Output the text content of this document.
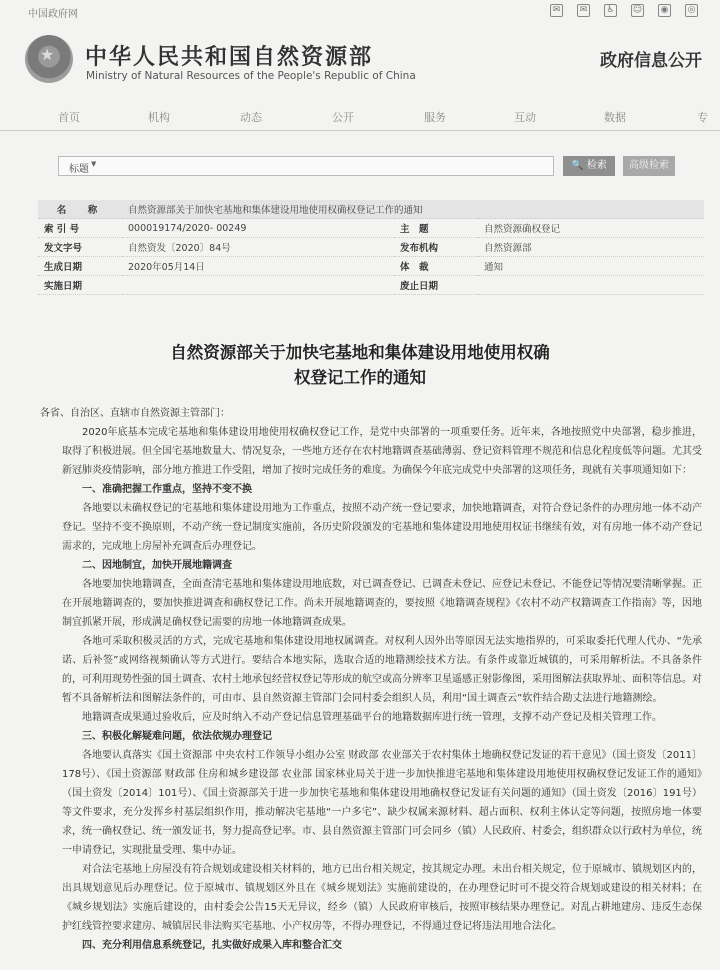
中国政府网	✉	✉	♿ ☺ ◉ ◎
★ 中华人民共和国自然资源部
Ministry of Natural Resources of the People's Republic of China
政府信息公开
首页	机构	动态	公开	服务	互动	数据	专
标题 ▼	🔍 检索	高级检索
名　称	自然资源部关于加快宅基地和集体建设用地使用权确权登记工作的通知		
索 引 号	000019174/2020- 00249	主　题	自然资源确权登记
发文字号	自然资发〔2020〕84号	发布机构	自然资源部
生成日期	2020年05月14日	体　裁	通知
实施日期		废止日期	
自然资源部关于加快宅基地和集体建设用地使用权确
权登记工作的通知

各省、自治区、直辖市自然资源主管部门：

2020年底基本完成宅基地和集体建设用地使用权确权登记工作，是党中央部署的一项重要任务。近年来，各地按照党中央部署，稳步推进，取得了积极进展。但全国宅基地数量大、情况复杂，一些地方还存在农村地籍调查基础薄弱、登记资料管理不规范和信息化程度低等问题。尤其受新冠肺炎疫情影响，部分地方推进工作受阻，增加了按时完成任务的难度。为确保今年底完成党中央部署的这项任务，现就有关事项通知如下：

一、准确把握工作重点，坚持不变不换

各地要以未确权登记的宅基地和集体建设用地为工作重点，按照不动产统一登记要求，加快地籍调查，对符合登记条件的办理房地一体不动产登记。坚持不变不换原则，不动产统一登记制度实施前，各历史阶段颁发的宅基地和集体建设用地使用权证书继续有效，对有房地一体不动产登记需求的，完成地上房屋补充调查后办理登记。

二、因地制宜，加快开展地籍调查

各地要加快地籍调查，全面查清宅基地和集体建设用地底数，对已调查登记、已调查未登记、应登记未登记、不能登记等情况要清晰掌握。正在开展地籍调查的，要加快推进调查和确权登记工作。尚未开展地籍调查的，要按照《地籍调查规程》《农村不动产权籍调查工作指南》等，因地制宜抓紧开展，形成满足确权登记需要的房地一体地籍调查成果。

各地可采取积极灵活的方式，完成宅基地和集体建设用地权属调查。对权利人因外出等原因无法实地指界的，可采取委托代理人代办、“先承诺、后补签”或网络视频确认等方式进行。要结合本地实际，选取合适的地籍测绘技术方法。有条件或靠近城镇的，可采用解析法。不具备条件的，可利用现势性强的国土调查、农村土地承包经营权登记等形成的航空或高分辨率卫星遥感正射影像图，采用图解法获取界址、面积等信息。对暂不具备解析法和图解法条件的，可由市、县自然资源主管部门会同村委会组织人员，利用“国土调查云”软件结合勘丈法进行地籍测绘。

地籍调查成果通过验收后，应及时纳入不动产登记信息管理基础平台的地籍数据库进行统一管理，支撑不动产登记及相关管理工作。

三、积极化解疑难问题，依法依规办理登记

各地要认真落实《国土资源部 中央农村工作领导小组办公室 财政部 农业部关于农村集体土地确权登记发证的若干意见》（国土资发〔2011〕178号）、《国土资源部 财政部 住房和城乡建设部 农业部 国家林业局关于进一步加快推进宅基地和集体建设用地使用权确权登记发证工作的通知》（国土资发〔2014〕101号）、《国土资源部关于进一步加快宅基地和集体建设用地确权登记发证有关问题的通知》（国土资发〔2016〕191号）等文件要求，充分发挥乡村基层组织作用，推动解决宅基地“一户多宅”、缺少权属来源材料、超占面积、权利主体认定等问题，按照房地一体要求，统一确权登记、统一颁发证书，努力提高登记率。市、县自然资源主管部门可会同乡（镇）人民政府、村委会，组织群众以行政村为单位，统一申请登记，实现批量受理、集中办证。

对合法宅基地上房屋没有符合规划或建设相关材料的，地方已出台相关规定，按其规定办理。未出台相关规定，位于原城市、镇规划区内的，出具规划意见后办理登记。位于原城市、镇规划区外且在《城乡规划法》实施前建设的，在办理登记时可不提交符合规划或建设的相关材料；在《城乡规划法》实施后建设的，由村委会公告15天无异议，经乡（镇）人民政府审核后，按照审核结果办理登记。对乱占耕地建房、违反生态保护红线管控要求建房、城镇居民非法购买宅基地、小产权房等，不得办理登记，不得通过登记将违法用地合法化。

四、充分利用信息系统登记，扎实做好成果入库和整合汇交
